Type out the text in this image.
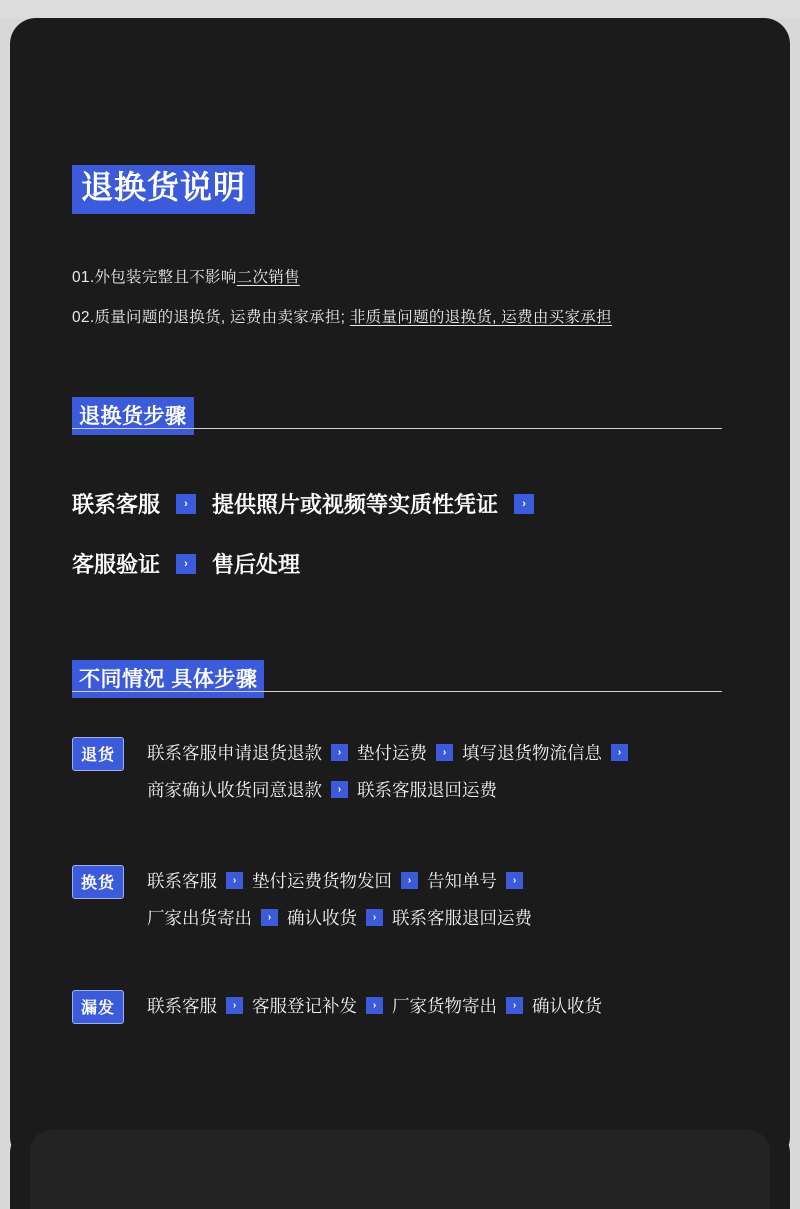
退换货说明
01.外包装完整且不影响二次销售
02.质量问题的退换货, 运费由卖家承担; 非质量问题的退换货, 运费由买家承担
退换货步骤
联系客服	›	提供照片或视频等实质性凭证	›
客服验证	›	售后处理
不同情况 具体步骤
退货	联系客服申请退货退款	› 垫付运费	› 填写退货物流信息	›
商家确认收货同意退款	› 联系客服退回运费
换货	联系客服	› 垫付运费货物发回	› 告知单号	›
厂家出货寄出	› 确认收货	› 联系客服退回运费
漏发	联系客服	› 客服登记补发	› 厂家货物寄出	› 确认收货
